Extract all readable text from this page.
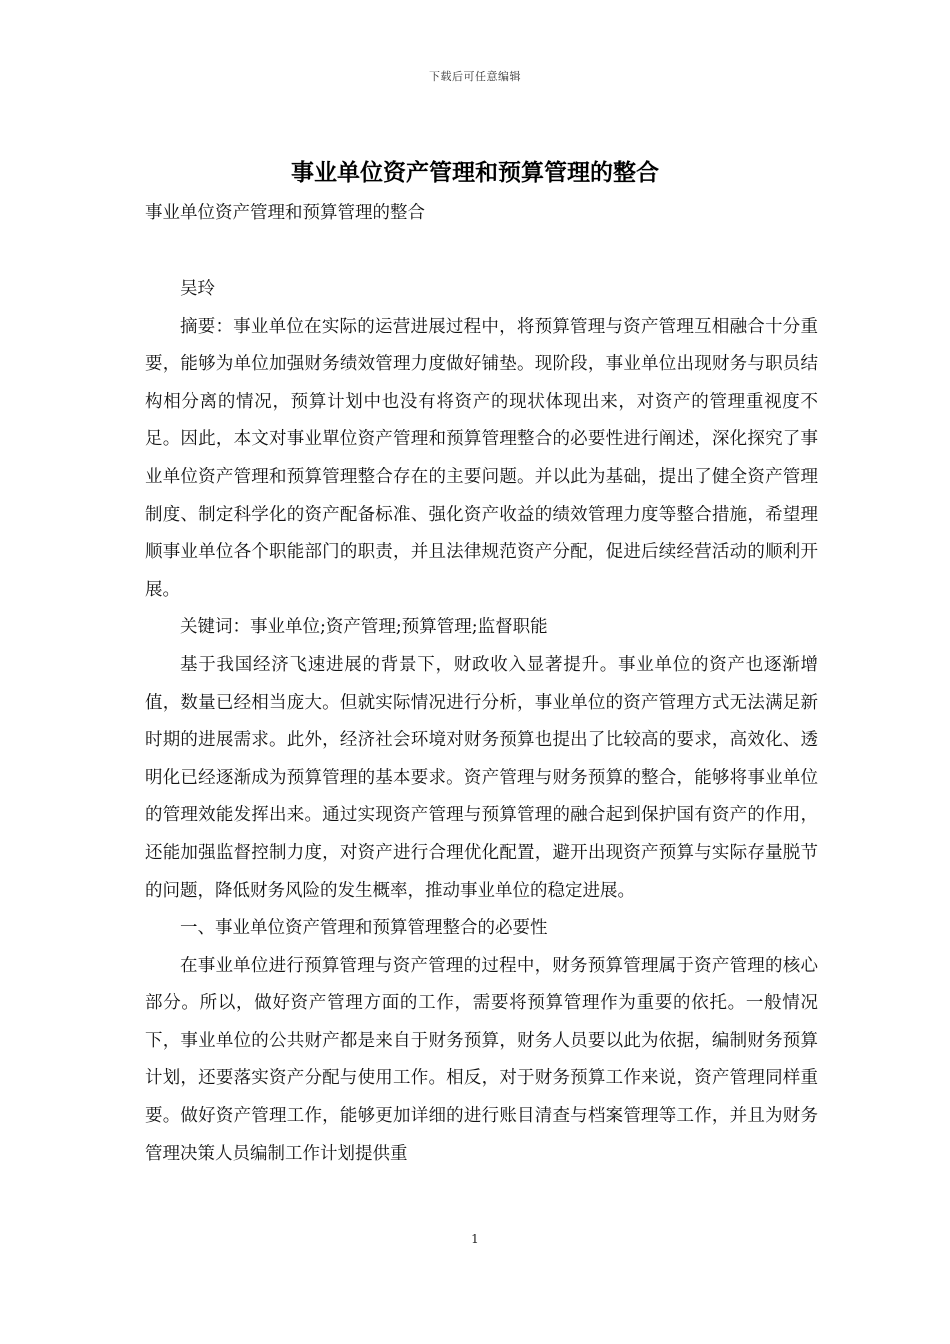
下载后可任意编辑
事业单位资产管理和预算管理的整合

事业单位资产管理和预算管理的整合

吴玲

摘要：事业单位在实际的运营进展过程中，将预算管理与资产管理互相融合十分重要，能够为单位加强财务绩效管理力度做好铺垫。现阶段，事业单位出现财务与职员结构相分离的情况，预算计划中也没有将资产的现状体现出来，对资产的管理重视度不足。因此，本文对事业單位资产管理和预算管理整合的必要性进行阐述，深化探究了事业单位资产管理和预算管理整合存在的主要问题。并以此为基础，提出了健全资产管理制度、制定科学化的资产配备标准、强化资产收益的绩效管理力度等整合措施，希望理顺事业单位各个职能部门的职责，并且法律规范资产分配，促进后续经营活动的顺利开展。

关键词：事业单位;资产管理;预算管理;监督职能

基于我国经济飞速进展的背景下，财政收入显著提升。事业单位的资产也逐渐增值，数量已经相当庞大。但就实际情况进行分析，事业单位的资产管理方式无法满足新时期的进展需求。此外，经济社会环境对财务预算也提出了比较高的要求，高效化、透明化已经逐渐成为预算管理的基本要求。资产管理与财务预算的整合，能够将事业单位的管理效能发挥出来。通过实现资产管理与预算管理的融合起到保护国有资产的作用，还能加强监督控制力度，对资产进行合理优化配置，避开出现资产预算与实际存量脱节的问题，降低财务风险的发生概率，推动事业单位的稳定进展。

一、事业单位资产管理和预算管理整合的必要性

在事业单位进行预算管理与资产管理的过程中，财务预算管理属于资产管理的核心部分。所以，做好资产管理方面的工作，需要将预算管理作为重要的依托。一般情况下，事业单位的公共财产都是来自于财务预算，财务人员要以此为依据，编制财务预算计划，还要落实资产分配与使用工作。相反，对于财务预算工作来说，资产管理同样重要。做好资产管理工作，能够更加详细的进行账目清查与档案管理等工作，并且为财务管理决策人员编制工作计划提供重

1
